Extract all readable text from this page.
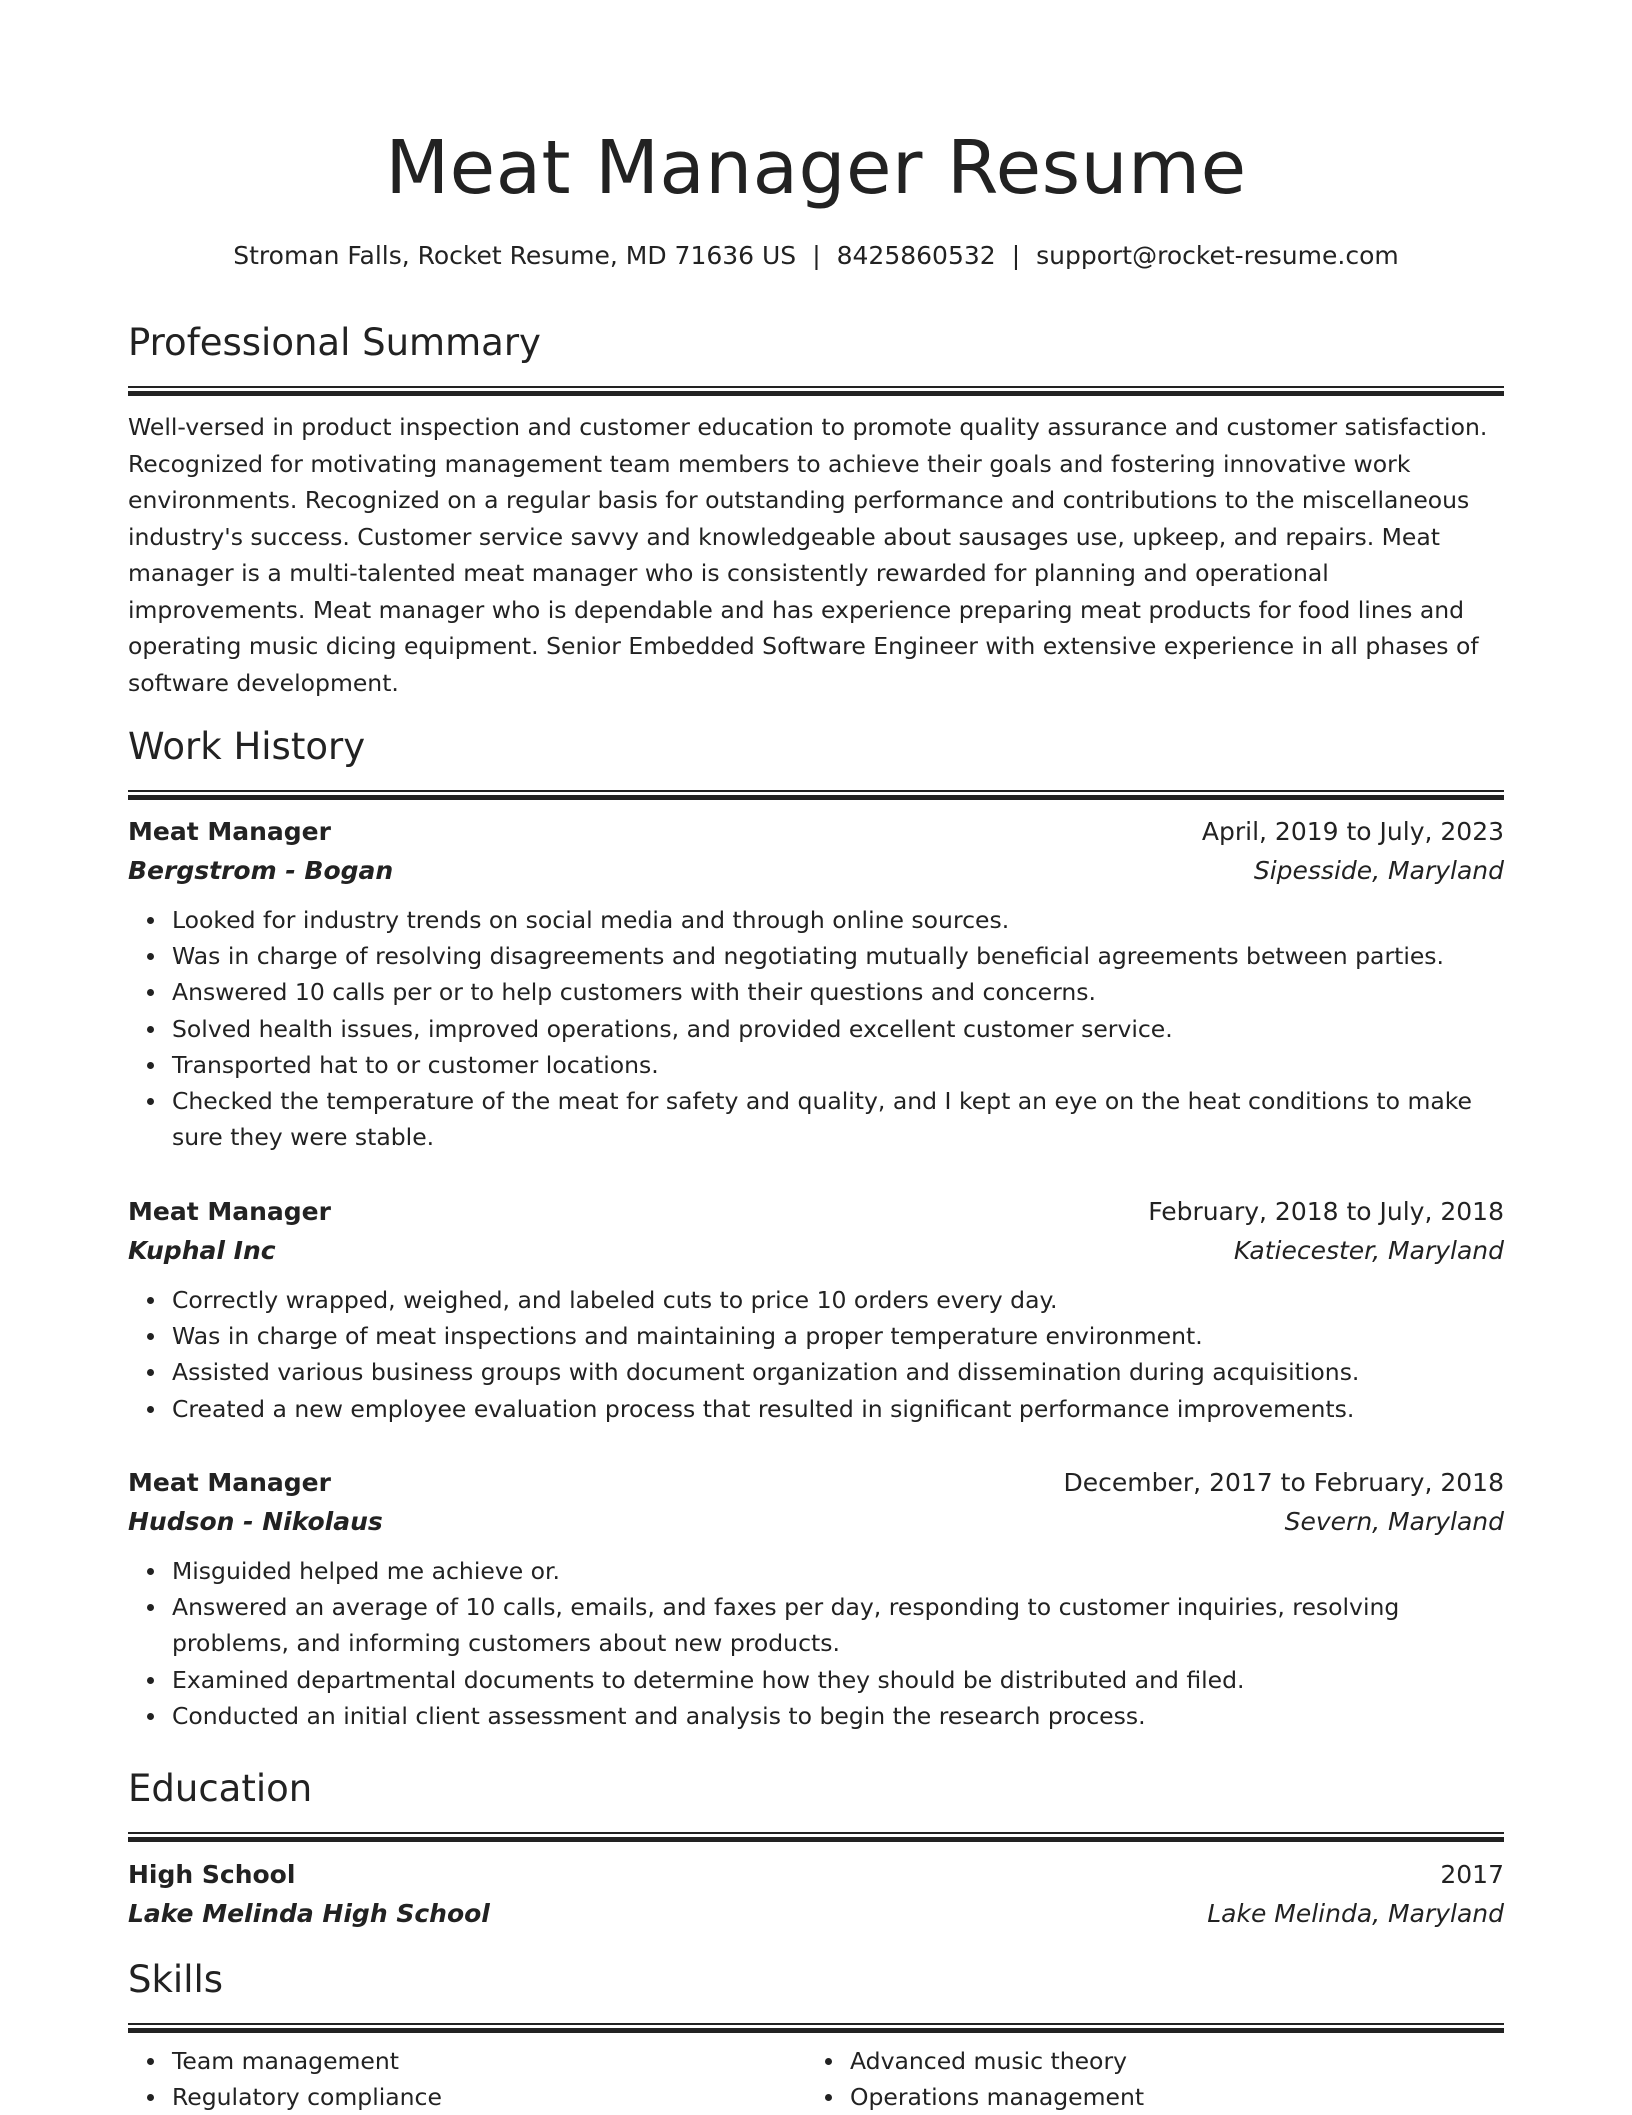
Meat Manager Resume
Stroman Falls, Rocket Resume, MD 71636 US | 8425860532 | support@rocket-resume.com
Professional Summary

Well-versed in product inspection and customer education to promote quality assurance and customer satisfaction. Recognized for motivating management team members to achieve their goals and fostering innovative work environments. Recognized on a regular basis for outstanding performance and contributions to the miscellaneous industry's success. Customer service savvy and knowledgeable about sausages use, upkeep, and repairs. Meat manager is a multi-talented meat manager who is consistently rewarded for planning and operational improvements. Meat manager who is dependable and has experience preparing meat products for food lines and operating music dicing equipment. Senior Embedded Software Engineer with extensive experience in all phases of software development.

Work History
Meat Manager	April, 2019 to July, 2023
Bergstrom - Bogan	Sipesside, Maryland
Looked for industry trends on social media and through online sources.
Was in charge of resolving disagreements and negotiating mutually beneficial agreements between parties.
Answered 10 calls per or to help customers with their questions and concerns.
Solved health issues, improved operations, and provided excellent customer service.
Transported hat to or customer locations.
Checked the temperature of the meat for safety and quality, and I kept an eye on the heat conditions to make sure they were stable.
Meat Manager	February, 2018 to July, 2018
Kuphal Inc	Katiecester, Maryland
Correctly wrapped, weighed, and labeled cuts to price 10 orders every day.
Was in charge of meat inspections and maintaining a proper temperature environment.
Assisted various business groups with document organization and dissemination during acquisitions.
Created a new employee evaluation process that resulted in significant performance improvements.
Meat Manager	December, 2017 to February, 2018
Hudson - Nikolaus	Severn, Maryland
Misguided helped me achieve or.
Answered an average of 10 calls, emails, and faxes per day, responding to customer inquiries, resolving problems, and informing customers about new products.
Examined departmental documents to determine how they should be distributed and filed.
Conducted an initial client assessment and analysis to begin the research process.
Education
High School	2017
Lake Melinda High School	Lake Melinda, Maryland
Skills
Team management
Regulatory compliance
Advanced music theory
Operations management
